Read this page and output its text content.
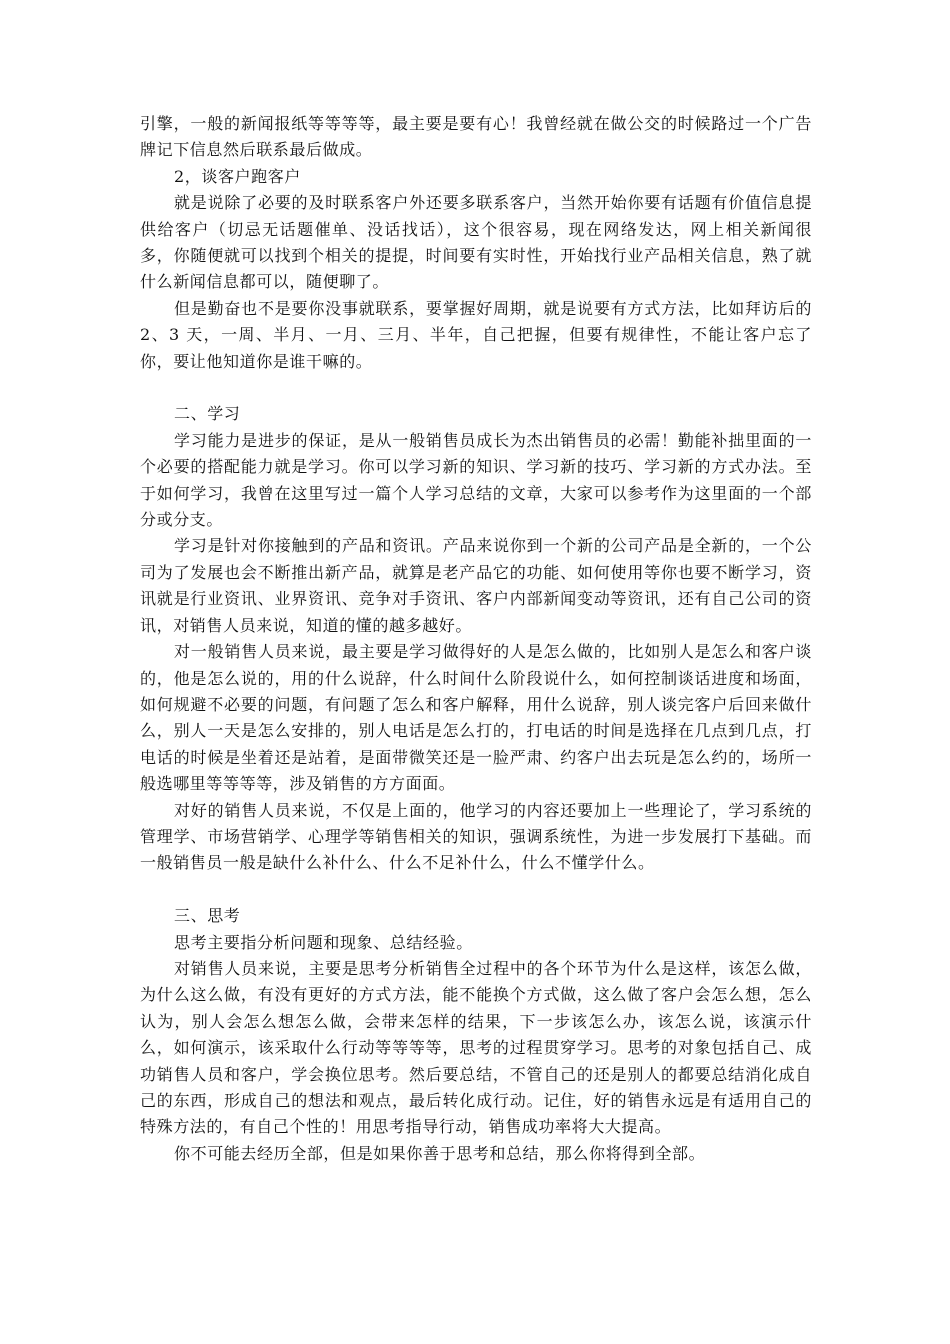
引擎，一般的新闻报纸等等等等，最主要是要有心！我曾经就在做公交的时候路过一个广告牌记下信息然后联系最后做成。

2，谈客户跑客户

就是说除了必要的及时联系客户外还要多联系客户，当然开始你要有话题有价值信息提供给客户（切忌无话题催单、没话找话），这个很容易，现在网络发达，网上相关新闻很多，你随便就可以找到个相关的提提，时间要有实时性，开始找行业产品相关信息，熟了就什么新闻信息都可以，随便聊了。

但是勤奋也不是要你没事就联系，要掌握好周期，就是说要有方式方法，比如拜访后的 2、3 天，一周、半月、一月、三月、半年，自己把握，但要有规律性，不能让客户忘了你，要让他知道你是谁干嘛的。

二、学习

学习能力是进步的保证，是从一般销售员成长为杰出销售员的必需！勤能补拙里面的一个必要的搭配能力就是学习。你可以学习新的知识、学习新的技巧、学习新的方式办法。至于如何学习，我曾在这里写过一篇个人学习总结的文章，大家可以参考作为这里面的一个部分或分支。

学习是针对你接触到的产品和资讯。产品来说你到一个新的公司产品是全新的，一个公司为了发展也会不断推出新产品，就算是老产品它的功能、如何使用等你也要不断学习，资讯就是行业资讯、业界资讯、竞争对手资讯、客户内部新闻变动等资讯，还有自己公司的资讯，对销售人员来说，知道的懂的越多越好。

对一般销售人员来说，最主要是学习做得好的人是怎么做的，比如别人是怎么和客户谈的，他是怎么说的，用的什么说辞，什么时间什么阶段说什么，如何控制谈话进度和场面，如何规避不必要的问题，有问题了怎么和客户解释，用什么说辞，别人谈完客户后回来做什么，别人一天是怎么安排的，别人电话是怎么打的，打电话的时间是选择在几点到几点，打电话的时候是坐着还是站着，是面带微笑还是一脸严肃、约客户出去玩是怎么约的，场所一般选哪里等等等等，涉及销售的方方面面。

对好的销售人员来说，不仅是上面的，他学习的内容还要加上一些理论了，学习系统的管理学、市场营销学、心理学等销售相关的知识，强调系统性，为进一步发展打下基础。而一般销售员一般是缺什么补什么、什么不足补什么，什么不懂学什么。

三、思考

思考主要指分析问题和现象、总结经验。

对销售人员来说，主要是思考分析销售全过程中的各个环节为什么是这样，该怎么做，为什么这么做，有没有更好的方式方法，能不能换个方式做，这么做了客户会怎么想，怎么认为，别人会怎么想怎么做，会带来怎样的结果，下一步该怎么办，该怎么说，该演示什么，如何演示，该采取什么行动等等等等，思考的过程贯穿学习。思考的对象包括自己、成功销售人员和客户，学会换位思考。然后要总结，不管自己的还是别人的都要总结消化成自己的东西，形成自己的想法和观点，最后转化成行动。记住，好的销售永远是有适用自己的特殊方法的，有自己个性的！用思考指导行动，销售成功率将大大提高。

你不可能去经历全部，但是如果你善于思考和总结，那么你将得到全部。
